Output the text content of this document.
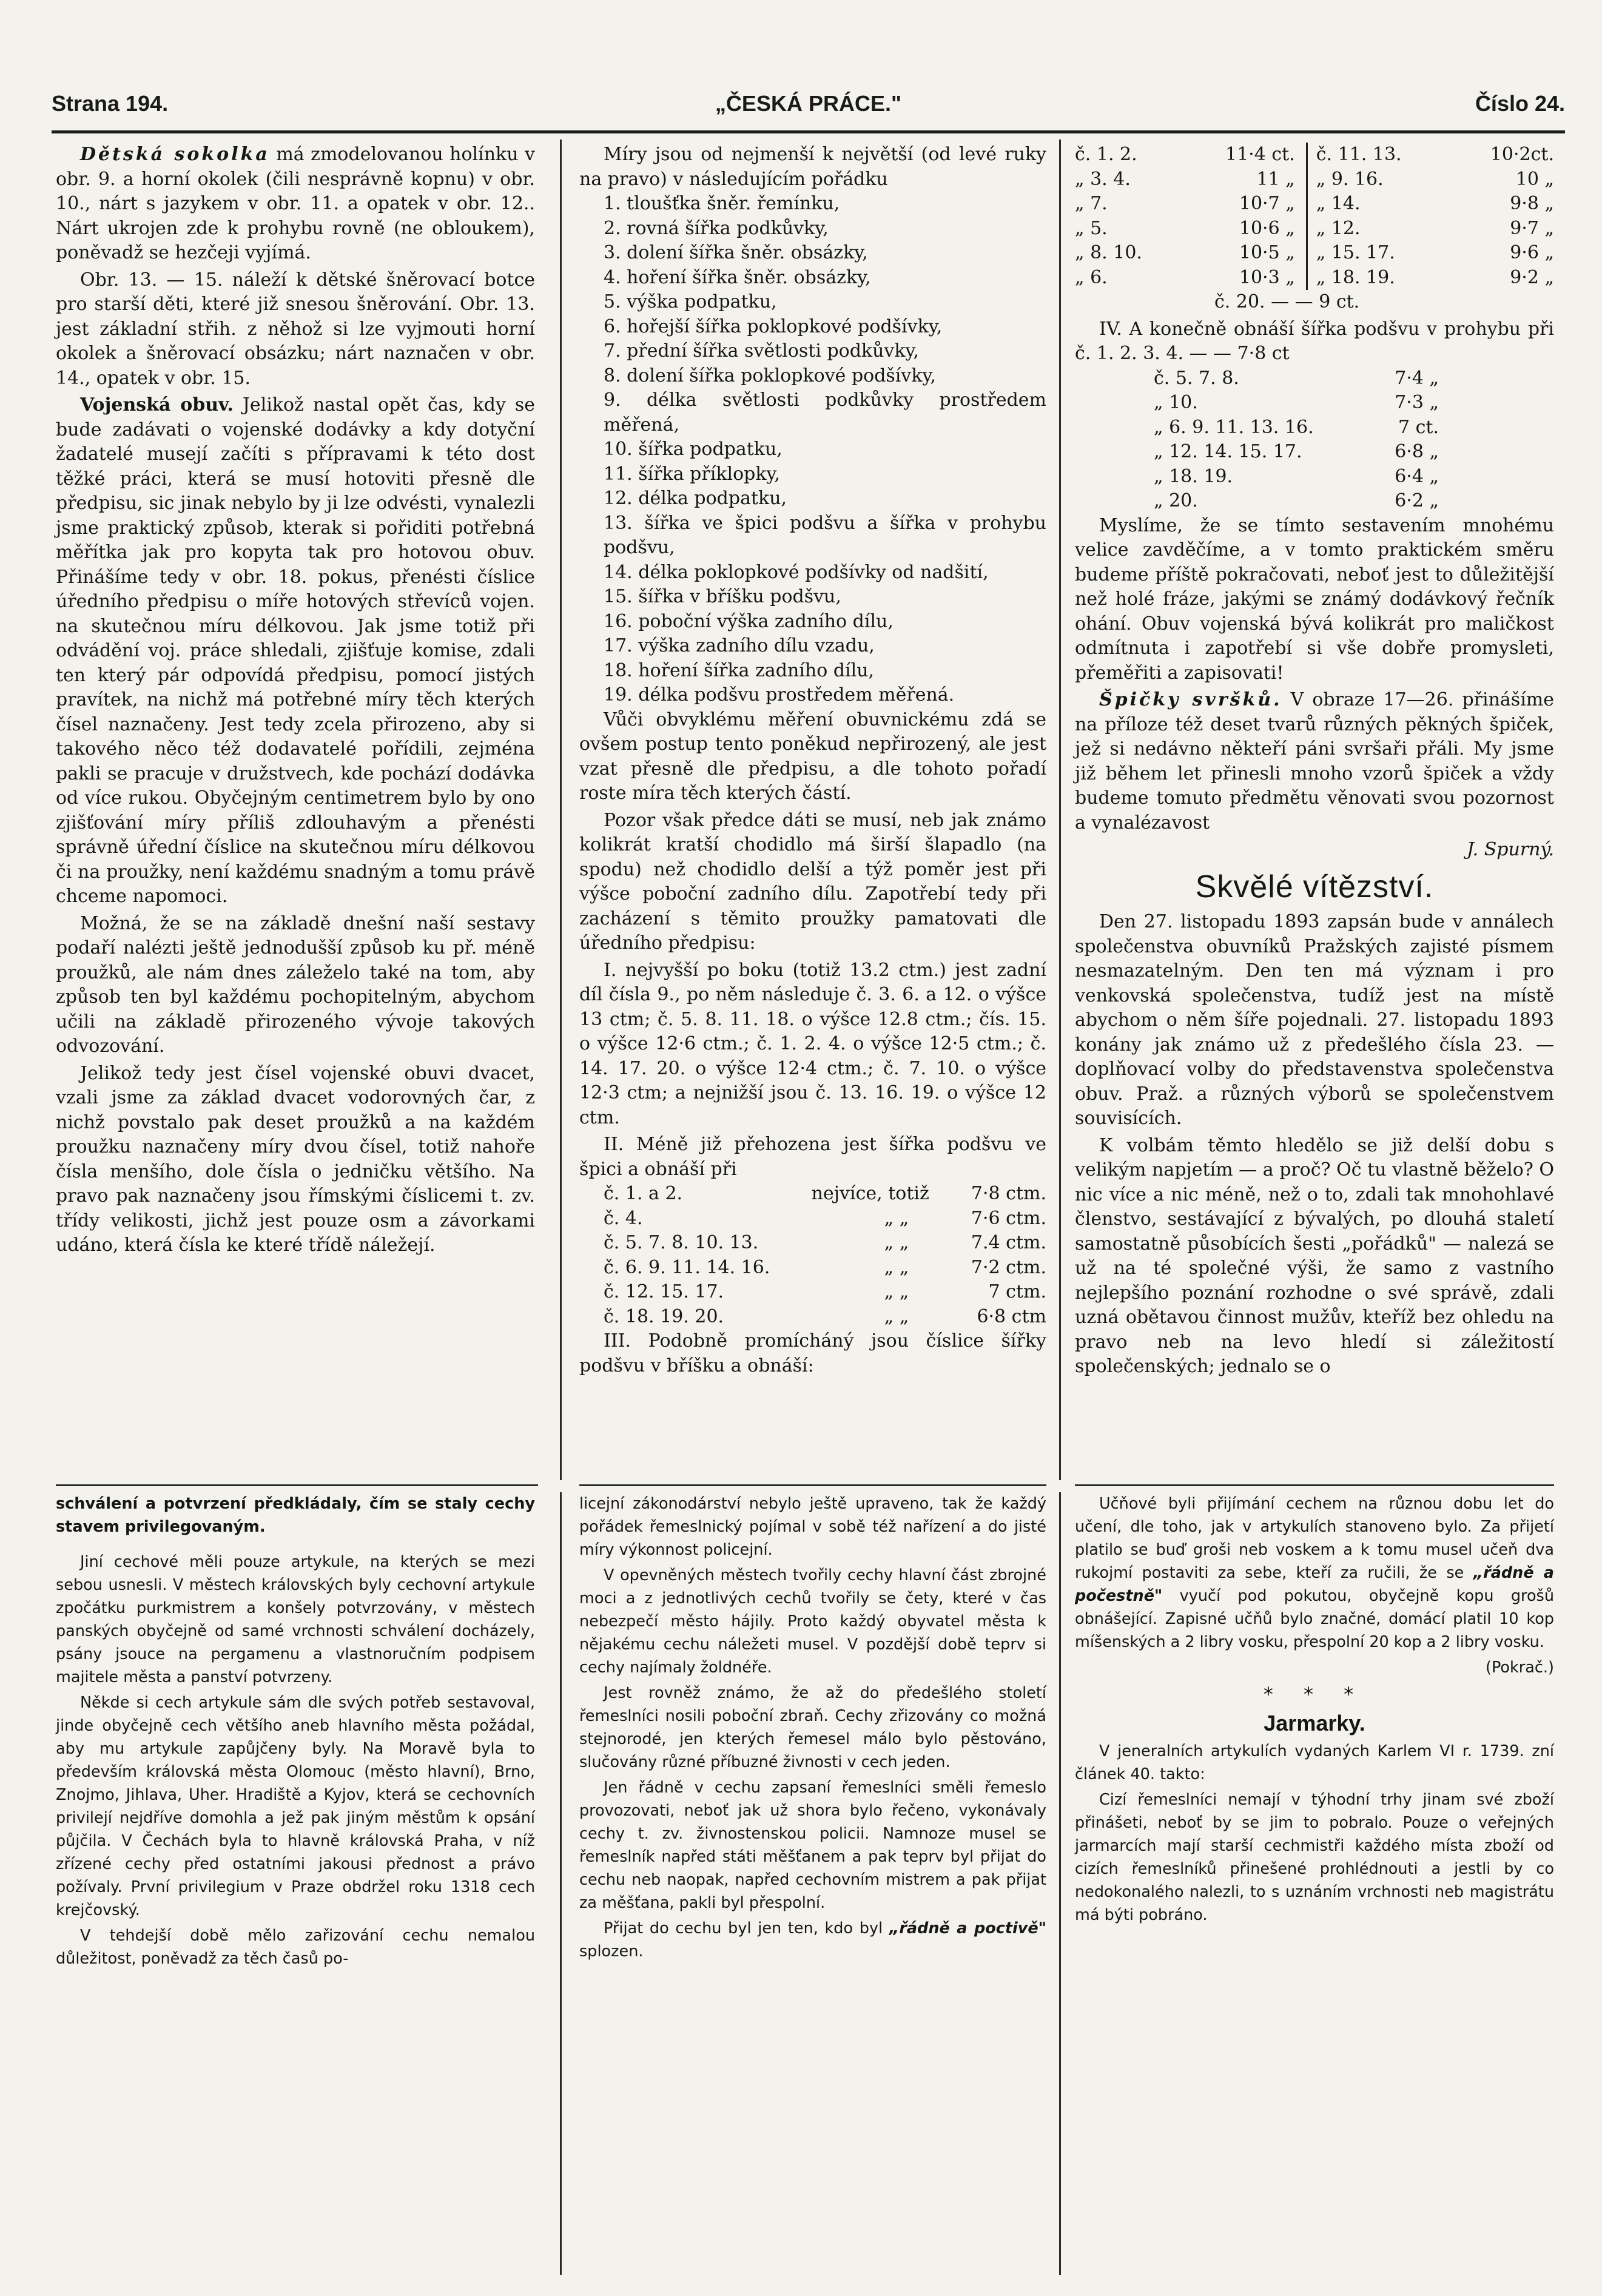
Strana 194.	„ČESKÁ PRÁCE."	Číslo 24.

Dětská sokolka má zmodelovanou holínku v obr. 9. a horní okolek (čili nesprávně kopnu) v obr. 10., nárt s jazykem v obr. 11. a opatek v obr. 12.. Nárt ukrojen zde k prohybu rovně (ne obloukem), poněvadž se hezčeji vyjímá.

Obr. 13. — 15. náleží k dětské šněrovací botce pro starší děti, které již snesou šněrování. Obr. 13. jest základní střih. z něhož si lze vyjmouti horní okolek a šněrovací obsázku; nárt naznačen v obr. 14., opatek v obr. 15.

Vojenská obuv. Jelikož nastal opět čas, kdy se bude zadávati o vojenské dodávky a kdy dotyční žadatelé musejí začíti s přípravami k této dost těžké práci, která se musí hotoviti přesně dle předpisu, sic jinak nebylo by ji lze odvésti, vynalezli jsme praktický způsob, kterak si pořiditi potřebná měřítka jak pro kopyta tak pro hotovou obuv. Přinášíme tedy v obr. 18. pokus, přenésti číslice úředního předpisu o míře hotových střevíců vojen. na skutečnou míru délkovou. Jak jsme totiž při odvádění voj. práce shledali, zjišťuje komise, zdali ten který pár odpovídá předpisu, pomocí jistých pravítek, na nichž má potřebné míry těch kterých čísel naznačeny. Jest tedy zcela přirozeno, aby si takového něco též dodavatelé pořídili, zejména pakli se pracuje v družstvech, kde pochází dodávka od více rukou. Obyčejným centimetrem bylo by ono zjišťování míry příliš zdlouhavým a přenésti správně úřední číslice na skutečnou míru délkovou či na proužky, není každému snadným a tomu právě chceme napomoci.

Možná, že se na základě dnešní naší sestavy podaří nalézti ještě jednodušší způsob ku př. méně proužků, ale nám dnes záleželo také na tom, aby způsob ten byl každému pochopitelným, abychom učili na základě přirozeného vývoje takových odvozování.

Jelikož tedy jest čísel vojenské obuvi dvacet, vzali jsme za základ dvacet vodorovných čar, z nichž povstalo pak deset proužků a na každém proužku naznačeny míry dvou čísel, totiž nahoře čísla menšího, dole čísla o jedničku většího. Na pravo pak naznačeny jsou římskými číslicemi t. zv. třídy velikosti, jichž jest pouze osm a závorkami udáno, která čísla ke které třídě náležejí.

Míry jsou od nejmenší k největší (od levé ruky na pravo) v následujícím pořádku

1. tloušťka šněr. řemínku,
2. rovná šířka podkůvky,
3. dolení šířka šněr. obsázky,
4. hoření šířka šněr. obsázky,
5. výška podpatku,
6. hořejší šířka poklopkové podšívky,
7. přední šířka světlosti podkůvky,
8. dolení šířka poklopkové podšívky,
9. délka světlosti podkůvky prostředem měřená,
10. šířka podpatku,
11. šířka příklopky,
12. délka podpatku,
13. šířka ve špici podšvu a šířka v prohybu podšvu,
14. délka poklopkové podšívky od nadšití,
15. šířka v bříšku podšvu,
16. poboční výška zadního dílu,
17. výška zadního dílu vzadu,
18. hoření šířka zadního dílu,
19. délka podšvu prostředem měřená.

Vůči obvyklému měření obuvnickému zdá se ovšem postup tento poněkud nepřirozený, ale jest vzat přesně dle předpisu, a dle tohoto pořadí roste míra těch kterých částí.

Pozor však předce dáti se musí, neb jak známo kolikrát kratší chodidlo má širší šlapadlo (na spodu) než chodidlo delší a týž poměr jest při výšce poboční zadního dílu. Zapotřebí tedy při zacházení s těmito proužky pamatovati dle úředního předpisu:

I. nejvyšší po boku (totiž 13.2 ctm.) jest zadní díl čísla 9., po něm následuje č. 3. 6. a 12. o výšce 13 ctm; č. 5. 8. 11. 18. o výšce 12.8 ctm.; čís. 15. o výšce 12·6 ctm.; č. 1. 2. 4. o výšce 12·5 ctm.; č. 14. 17. 20. o výšce 12·4 ctm.; č. 7. 10. o výšce 12·3 ctm; a nejnižší jsou č. 13. 16. 19. o výšce 12 ctm.

II. Méně již přehozena jest šířka podšvu ve špici a obnáší při

č. 1. a 2.	nejvíce, totiž	7·8 ctm.
č. 4.	„ „	7·6 ctm.
č. 5. 7. 8. 10. 13.	„ „	7.4 ctm.
č. 6. 9. 11. 14. 16.	„ „	7·2 ctm.
č. 12. 15. 17.	„ „	7 ctm.
č. 18. 19. 20.	„ „	6·8 ctm

III. Podobně promícháný jsou číslice šířky podšvu v bříšku a obnáší:

č. 1. 2.	11·4 ct.	č. 11. 13.	10·2ct.
„ 3. 4.	11 „	„ 9. 16.	10 „
„ 7.	10·7 „	„ 14.	9·8 „
„ 5.	10·6 „	„ 12.	9·7 „
„ 8. 10.	10·5 „	„ 15. 17.	9·6 „
„ 6.	10·3 „	„ 18. 19.	9·2 „

č. 20. — — 9 ct.

IV. A konečně obnáší šířka podšvu v prohybu při č. 1. 2. 3. 4. — — 7·8 ct

č. 5. 7. 8.	7·4 „
„ 10.	7·3 „
„ 6. 9. 11. 13. 16.	7 ct.
„ 12. 14. 15. 17.	6·8 „
„ 18. 19.	6·4 „
„ 20.	6·2 „

Myslíme, že se tímto sestavením mnohému velice zavděčíme, a v tomto praktickém směru budeme příště pokračovati, neboť jest to důležitější než holé fráze, jakými se známý dodávkový řečník ohání. Obuv vojenská bývá kolikrát pro maličkost odmítnuta i zapotřebí si vše dobře promysleti, přeměřiti a zapisovati!

Špičky svršků. V obraze 17—26. přinášíme na příloze též deset tvarů různých pěkných špiček, jež si nedávno někteří páni svršaři přáli. My jsme již během let přinesli mnoho vzorů špiček a vždy budeme tomuto předmětu věnovati svou pozornost a vynalézavost

J. Spurný.

Skvělé vítězství.

Den 27. listopadu 1893 zapsán bude v annálech společenstva obuvníků Pražských zajisté písmem nesmazatelným. Den ten má význam i pro venkovská společenstva, tudíž jest na místě abychom o něm šíře pojednali. 27. listopadu 1893 konány jak známo už z předešlého čísla 23. — doplňovací volby do představenstva společenstva obuv. Praž. a různých výborů se společenstvem souvisících.

K volbám těmto hledělo se již delší dobu s velikým napjetím — a proč? Oč tu vlastně běželo? O nic více a nic méně, než o to, zdali tak mnohohlavé členstvo, sestávající z bývalých, po dlouhá staletí samostatně působících šesti „pořádků" — nalezá se už na té společné výši, že samo z vastního nejlepšího poznání rozhodne o své správě, zdali uzná obětavou činnost mužův, kteříž bez ohledu na pravo neb na levo hledí si záležitostí společenských; jednalo se o

schválení a potvrzení předkládaly, čím se staly cechy stavem privilegovaným.

Jiní cechové měli pouze artykule, na kterých se mezi sebou usnesli. V městech královských byly cechovní artykule zpočátku purkmistrem a konšely potvrzovány, v městech panských obyčejně od samé vrchnosti schválení docházely, psány jsouce na pergamenu a vlastnoručním podpisem majitele města a panství potvrzeny.

Někde si cech artykule sám dle svých potřeb sestavoval, jinde obyčejně cech většího aneb hlavního města požádal, aby mu artykule zapůjčeny byly. Na Moravě byla to především královská města Olomouc (město hlavní), Brno, Znojmo, Jihlava, Uher. Hradiště a Kyjov, která se cechovních privilejí nejdříve domohla a jež pak jiným městům k opsání půjčila. V Čechách byla to hlavně královská Praha, v níž zřízené cechy před ostatními jakousi přednost a právo požívaly. První privilegium v Praze obdržel roku 1318 cech krejčovský.

V tehdejší době mělo zařizování cechu nemalou důležitost, poněvadž za těch časů po-

licejní zákonodárství nebylo ještě upraveno, tak že každý pořádek řemeslnický pojímal v sobě též nařízení a do jisté míry výkonnost policejní.

V opevněných městech tvořily cechy hlavní část zbrojné moci a z jednotlivých cechů tvořily se čety, které v čas nebezpečí město hájily. Proto každý obyvatel města k nějakému cechu náležeti musel. V pozdější době teprv si cechy najímaly žoldnéře.

Jest rovněž známo, že až do předešlého století řemeslníci nosili poboční zbraň. Cechy zřizovány co možná stejnorodé, jen kterých řemesel málo bylo pěstováno, slučovány různé příbuzné živnosti v cech jeden.

Jen řádně v cechu zapsaní řemeslníci směli řemeslo provozovati, neboť jak už shora bylo řečeno, vykonávaly cechy t. zv. živnostenskou policii. Namnoze musel se řemeslník napřed státi měšťanem a pak teprv byl přijat do cechu neb naopak, napřed cechovním mistrem a pak přijat za měšťana, pakli byl přespolní.

Přijat do cechu byl jen ten, kdo byl „řádně a poctivě" splozen.

Učňové byli přijímání cechem na různou dobu let do učení, dle toho, jak v artykulích stanoveno bylo. Za přijetí platilo se buď groši neb voskem a k tomu musel učeň dva rukojmí postaviti za sebe, kteří za ručili, že se „řádně a počestně" vyučí pod pokutou, obyčejně kopu grošů obnášející. Zapisné učňů bylo značné, domácí platil 10 kop míšenských a 2 libry vosku, přespolní 20 kop a 2 libry vosku.

(Pokrač.)

* * *
Jarmarky.

V jeneralních artykulích vydaných Karlem VI r. 1739. zní článek 40. takto:

Cizí řemeslníci nemají v týhodní trhy jinam své zboží přinášeti, neboť by se jim to pobralo. Pouze o veřejných jarmarcích mají starší cechmistři každého místa zboží od cizích řemeslníků přinešené prohlédnouti a jestli by co nedokonalého nalezli, to s uznáním vrchnosti neb magistrátu má býti pobráno.
